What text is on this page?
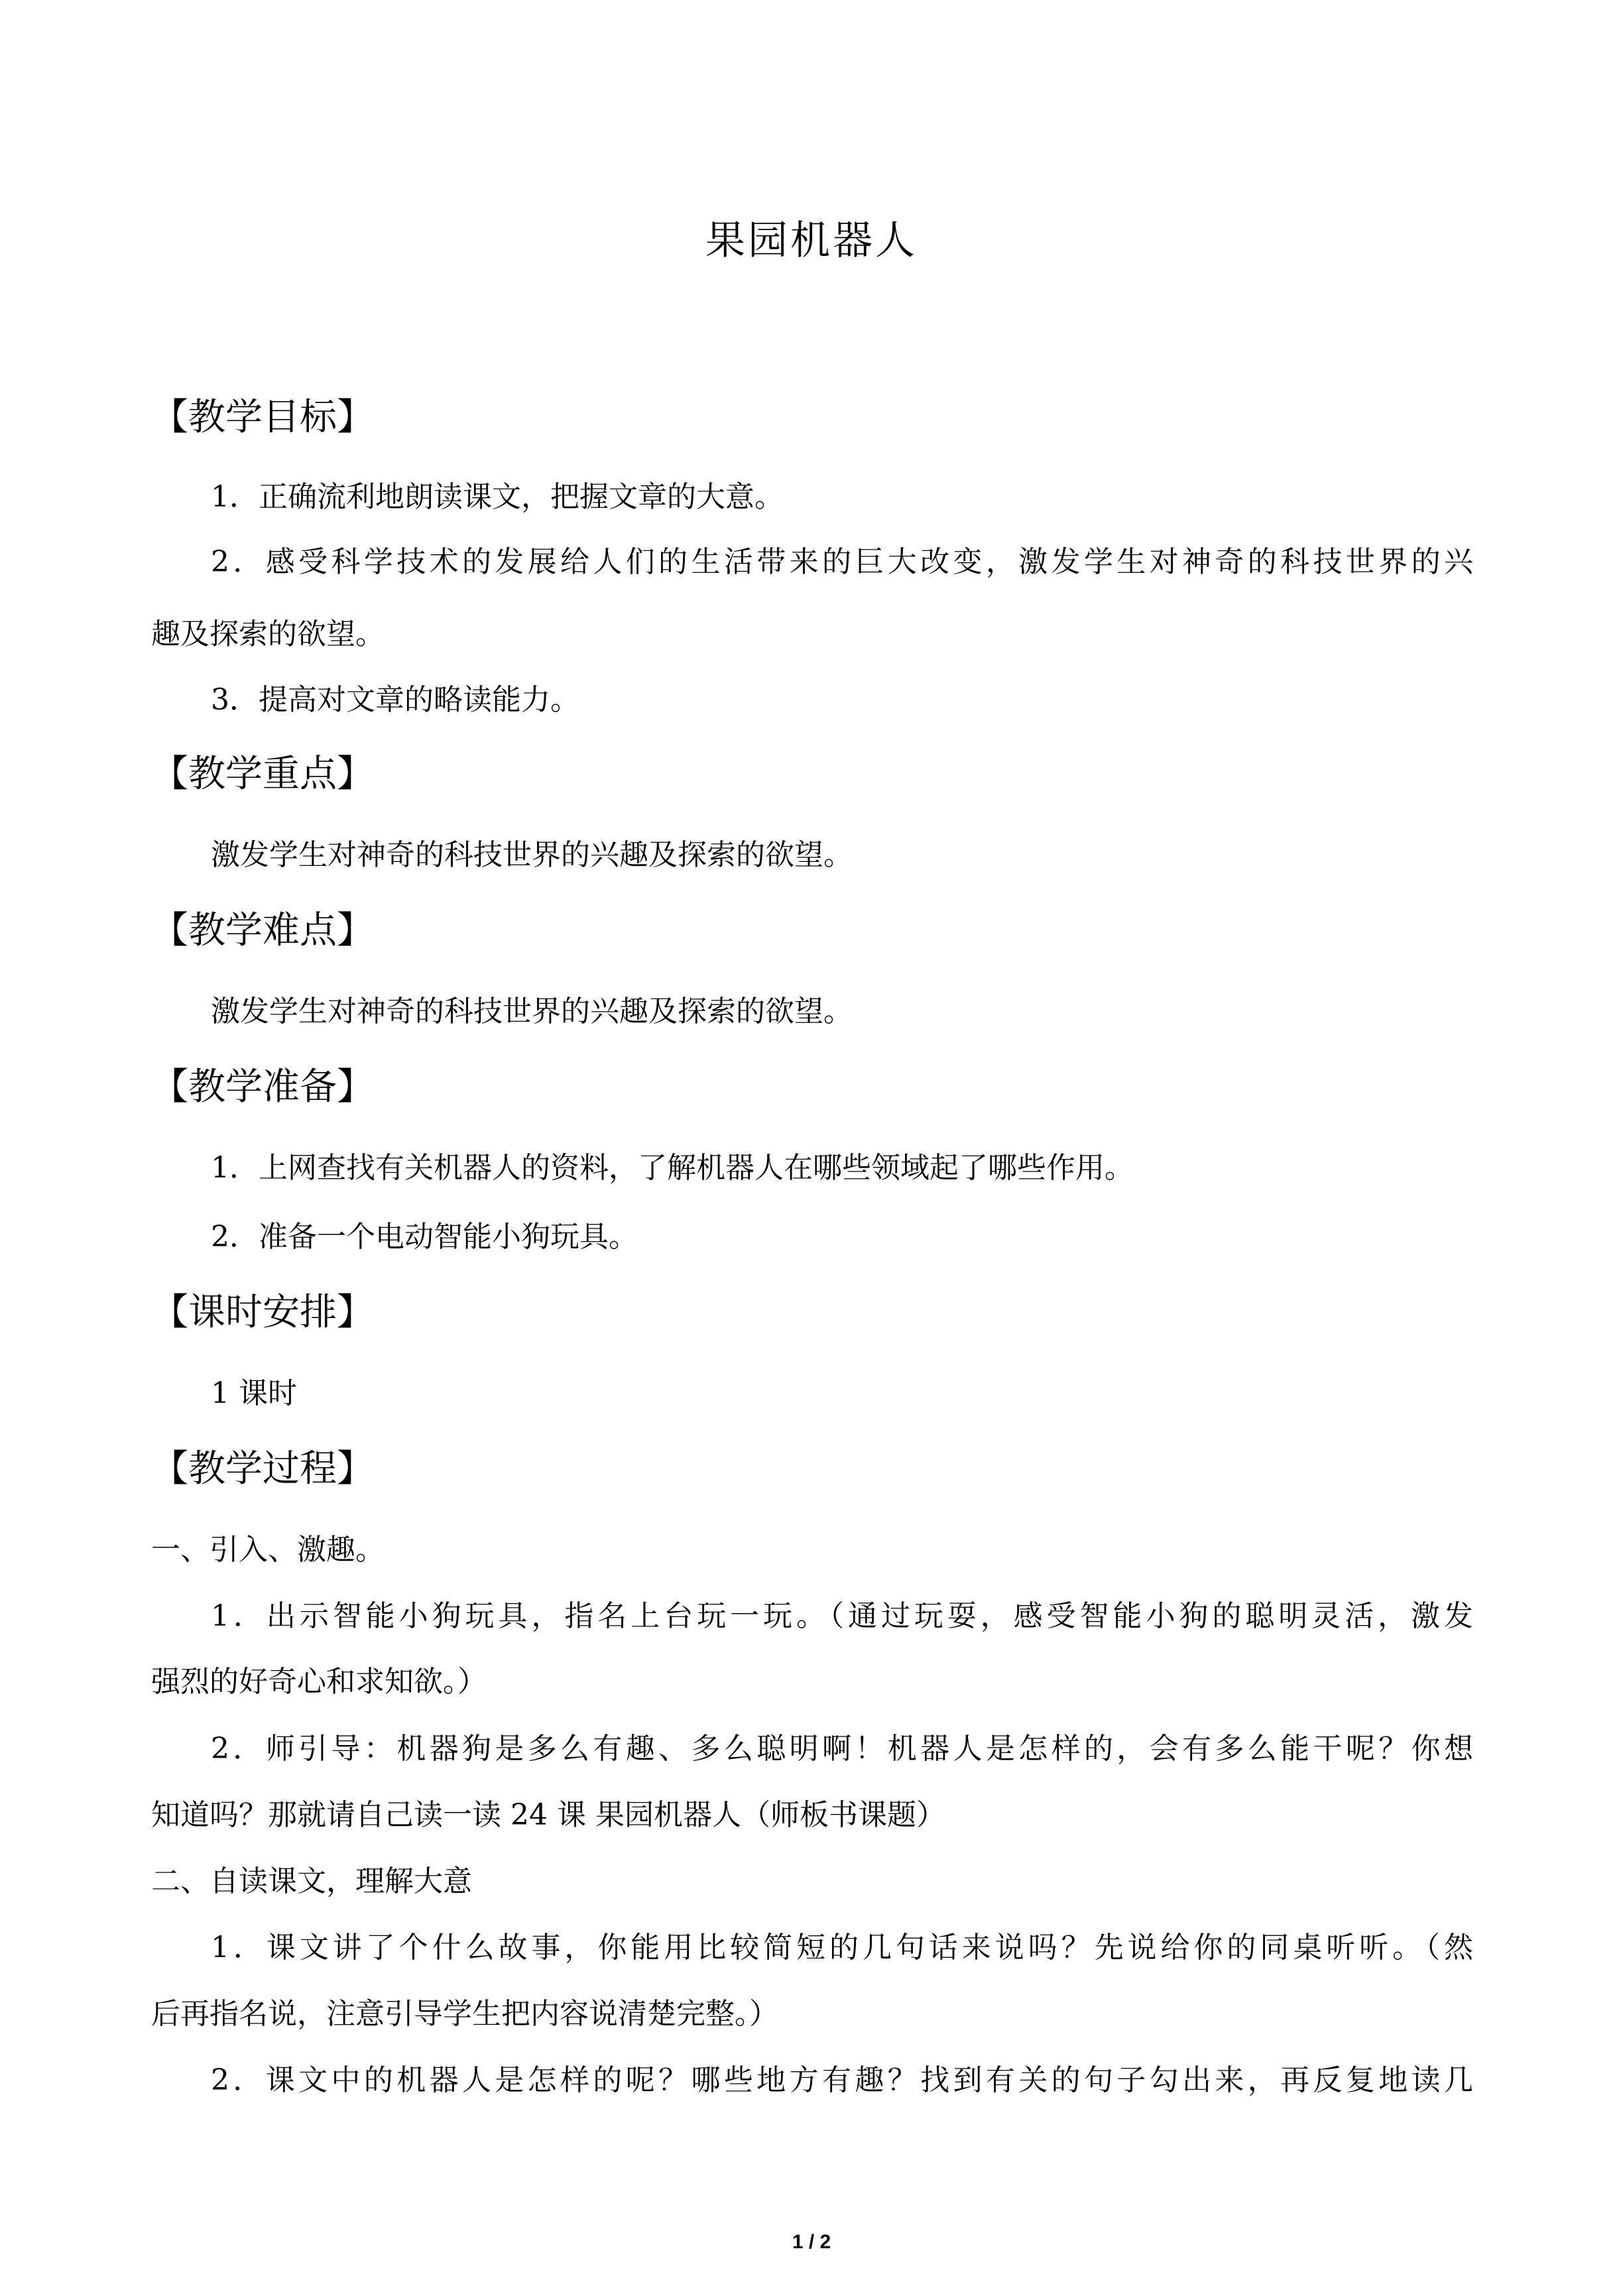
果园机器人
【教学目标】
1．正确流利地朗读课文，把握文章的大意。
2．感受科学技术的发展给人们的生活带来的巨大改变，激发学生对神奇的科技世界的兴
趣及探索的欲望。
3．提高对文章的略读能力。
【教学重点】
激发学生对神奇的科技世界的兴趣及探索的欲望。
【教学难点】
激发学生对神奇的科技世界的兴趣及探索的欲望。
【教学准备】
1．上网查找有关机器人的资料，了解机器人在哪些领域起了哪些作用。
2．准备一个电动智能小狗玩具。
【课时安排】
1 课时
【教学过程】
一、引入、激趣。
1．出示智能小狗玩具，指名上台玩一玩。（通过玩耍，感受智能小狗的聪明灵活，激发
强烈的好奇心和求知欲。）
2．师引导：机器狗是多么有趣、多么聪明啊！机器人是怎样的，会有多么能干呢？你想
知道吗？那就请自己读一读 24 课 果园机器人（师板书课题）
二、自读课文，理解大意
1．课文讲了个什么故事，你能用比较简短的几句话来说吗？先说给你的同桌听听。（然
后再指名说，注意引导学生把内容说清楚完整。）
2．课文中的机器人是怎样的呢？哪些地方有趣？找到有关的句子勾出来，再反复地读几
1 / 2
